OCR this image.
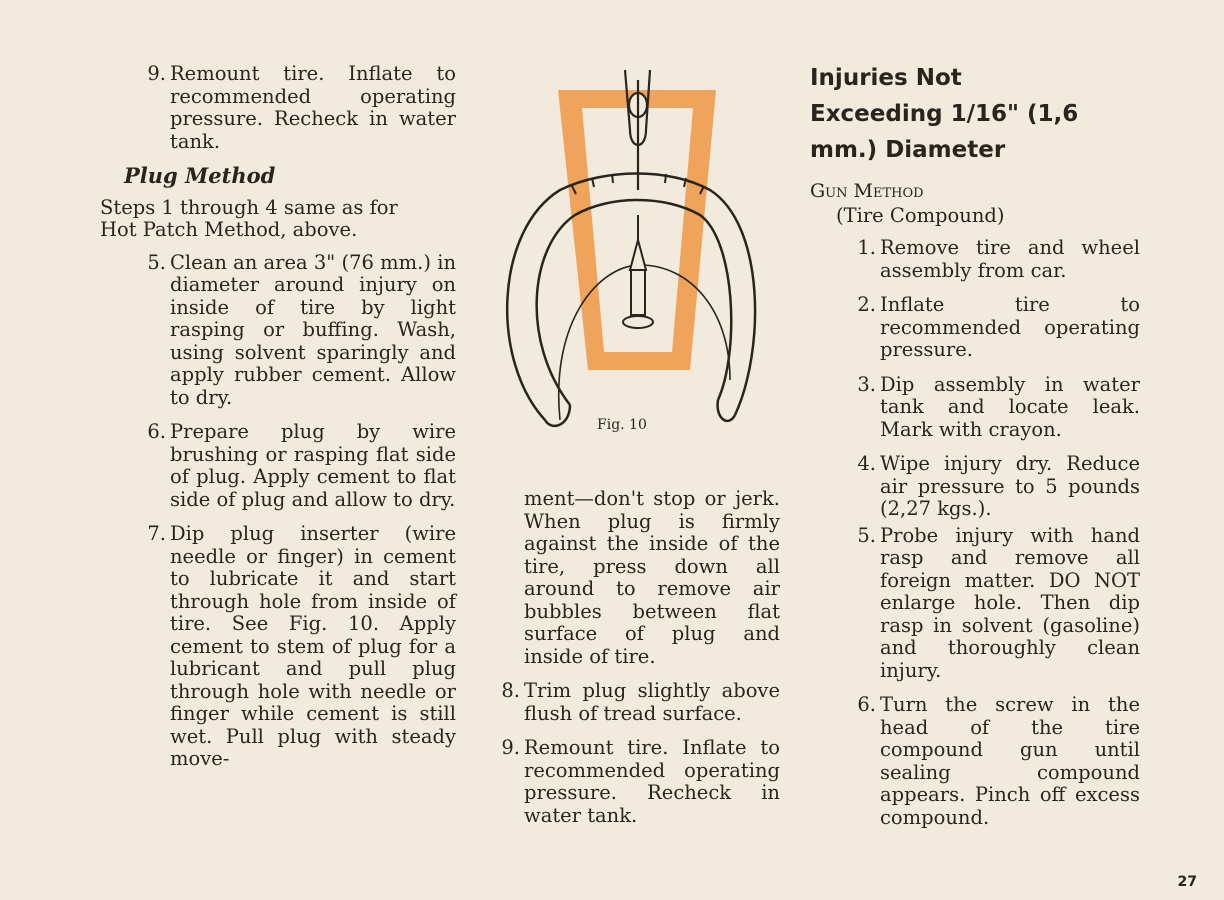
9. Remount tire. Inflate to recommended operating pressure. Recheck in water tank.
Plug Method
Steps 1 through 4 same as for Hot Patch Method, above.
5. Clean an area 3" (76 mm.) in diameter around injury on inside of tire by light rasping or buffing. Wash, using solvent sparingly and apply rubber cement. Allow to dry.
6. Prepare plug by wire brushing or rasping flat side of plug. Apply cement to flat side of plug and allow to dry.
7. Dip plug inserter (wire needle or finger) in cement to lubricate it and start through hole from inside of tire. See Fig. 10. Apply cement to stem of plug for a lubricant and pull plug through hole with needle or finger while cement is still wet. Pull plug with steady move-
Fig. 10
ment—don't stop or jerk. When plug is firmly against the inside of the tire, press down all around to remove air bubbles between flat surface of plug and inside of tire.
8. Trim plug slightly above flush of tread surface.
9. Remount tire. Inflate to recommended operating pressure. Recheck in water tank.
Injuries Not Exceeding 1/16" (1,6 mm.) Diameter
Gun Method
(Tire Compound)
1. Remove tire and wheel assembly from car.
2. Inflate tire to recommended operating pressure.
3. Dip assembly in water tank and locate leak. Mark with crayon.
4. Wipe injury dry. Reduce air pressure to 5 pounds (2,27 kgs.).
5. Probe injury with hand rasp and remove all foreign matter. DO NOT enlarge hole. Then dip rasp in solvent (gasoline) and thoroughly clean injury.
6. Turn the screw in the head of the tire compound gun until sealing compound appears. Pinch off excess compound.
27
